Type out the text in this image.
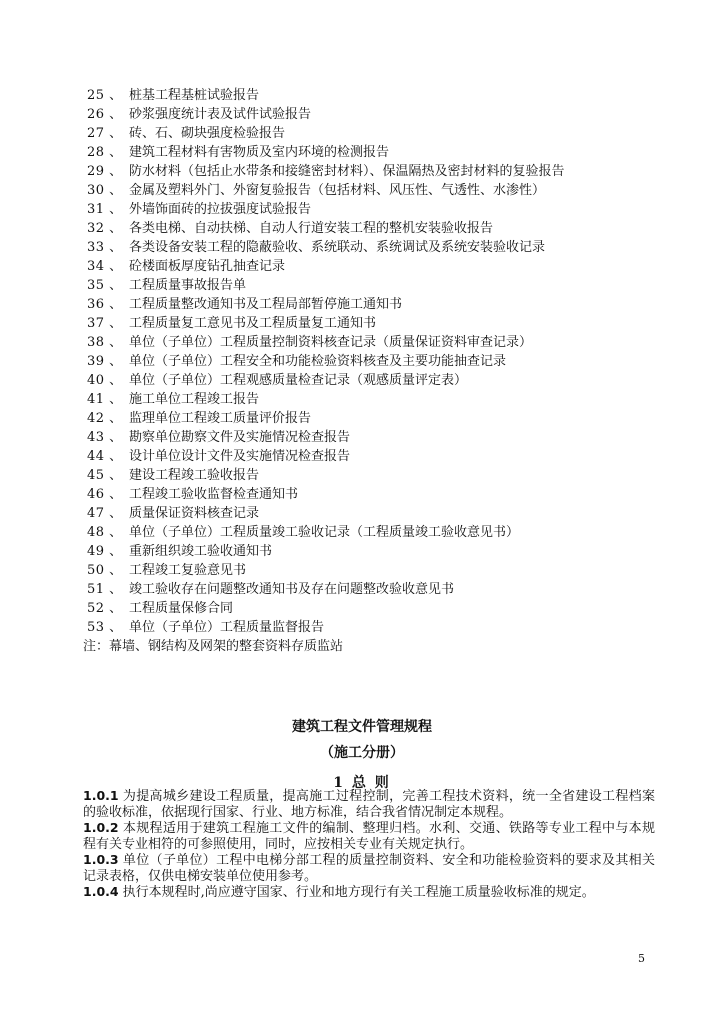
25 、 桩基工程基桩试验报告
26 、 砂浆强度统计表及试件试验报告
27 、 砖、石、砌块强度检验报告
28 、 建筑工程材料有害物质及室内环境的检测报告
29 、 防水材料（包括止水带条和接缝密封材料）、保温隔热及密封材料的复验报告
30 、 金属及塑料外门、外窗复验报告（包括材料、风压性、气透性、水渗性）
31 、 外墙饰面砖的拉拔强度试验报告
32 、 各类电梯、自动扶梯、自动人行道安装工程的整机安装验收报告
33 、 各类设备安装工程的隐蔽验收、系统联动、系统调试及系统安装验收记录
34 、 砼楼面板厚度钻孔抽查记录
35 、 工程质量事故报告单
36 、 工程质量整改通知书及工程局部暂停施工通知书
37 、 工程质量复工意见书及工程质量复工通知书
38 、 单位（子单位）工程质量控制资料核查记录（质量保证资料审查记录）
39 、 单位（子单位）工程安全和功能检验资料核查及主要功能抽查记录
40 、 单位（子单位）工程观感质量检查记录（观感质量评定表）
41 、 施工单位工程竣工报告
42 、 监理单位工程竣工质量评价报告
43 、 勘察单位勘察文件及实施情况检查报告
44 、 设计单位设计文件及实施情况检查报告
45 、 建设工程竣工验收报告
46 、 工程竣工验收监督检查通知书
47 、 质量保证资料核查记录
48 、 单位（子单位）工程质量竣工验收记录（工程质量竣工验收意见书）
49 、 重新组织竣工验收通知书
50 、 工程竣工复验意见书
51 、 竣工验收存在问题整改通知书及存在问题整改验收意见书
52 、 工程质量保修合同
53 、 单位（子单位）工程质量监督报告
注：幕墙、钢结构及网架的整套资料存质监站
建筑工程文件管理规程
（施工分册）
1 总 则

1.0.1 为提高城乡建设工程质量，提高施工过程控制，完善工程技术资料，统一全省建设工程档案的验收标准，依据现行国家、行业、地方标准，结合我省情况制定本规程。

1.0.2 本规程适用于建筑工程施工文件的编制、整理归档。水利、交通、铁路等专业工程中与本规程有关专业相符的可参照使用，同时，应按相关专业有关规定执行。

1.0.3 单位（子单位）工程中电梯分部工程的质量控制资料、安全和功能检验资料的要求及其相关记录表格，仅供电梯安装单位使用参考。

1.0.4 执行本规程时,尚应遵守国家、行业和地方现行有关工程施工质量验收标准的规定。

5
